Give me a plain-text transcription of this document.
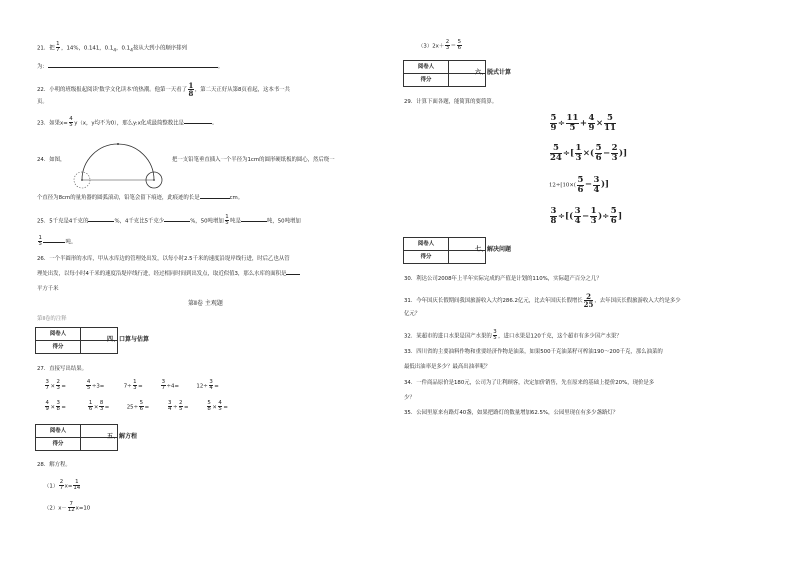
21．把 $\frac{1}{7}$ ，14%，0.141，$0.1_4$，$0.1_4$按从大到小的顺序排列
为：	。
22．小明的班级报起阅读'数学文化读本'的热潮。他第一天看了 $\frac{1}{8}$ ，第二天正好从第8页看起，这本书一共
页。
23．如果$x= \frac{4}{5} y(x$，y均不为0），那么y:x化成最简整数比是	。
24．如图，	把一支铅笔垂直插入一个半径为1cm的圆形硬纸板的圆心，然后绕一
个直径为8cm的量角器的圆弧滚动，铅笔会留下痕迹，此痕迹的长是	cm。
25．5千克是4千克的	%，4千克比5千克少	%，50吨增加 $\frac{1}{5}$ 吨是	吨，50吨增加
$\frac{1}{5}$	吨。
26．一个半圆形的水库，甲从水库边的管理处出发，以每小时2.5千米的速度沿堤岸线行进，时后乙也从管
理处出发，以每小时4千米的速度沿堤岸线行进，经过相同时间到出发点，取近似值3，那么水库的面积是
平方千米
第Ⅱ卷 主观题
第Ⅱ卷的注释
阅卷人	
得分	
四、口算与估算
27．直接写出结果。
$\frac{3}{7} \times \frac{2}{3}$ =	$\frac{4}{5} \div 3=$	$7\div \frac{1}{3}$ =	$\frac{3}{7} \div 4=$	$12\div \frac{3}{4}$ =
$\frac{4}{9} \times \frac{3}{8}$ =	$\frac{1}{6} \times \frac{8}{3}$ =	$25\div \frac{5}{6}$ =	$\frac{3}{4} \div \frac{2}{5}$ =	$\frac{5}{8} \times \frac{4}{5}$ =
阅卷人	
得分	
五、解方程
28．解方程。
$(1) \frac{2}{7} x= \frac{1}{14}$
$(2)x- \frac{7}{12} x=10$
$(3)2x+ \frac{2}{3} = \frac{5}{6}$
阅卷人	
得分	
六、脱式计算
29．计算下面各题，能简算的要简算。
$\frac{5}{9} \div \frac{11}{5} + \frac{4}{9} \times \frac{5}{11}$
$\frac{5}{24}$ ÷[ $\frac{1}{3}$ ×( $\frac{5}{6} - \frac{2}{3}$ )]
$12\div[10\times( \frac{5}{6} - \frac{3}{4}$ )]
$\frac{3}{8}$ ÷[( $\frac{3}{4} - \frac{1}{3}$ )÷ $\frac{5}{6}$ ]
阅卷人	
得分	
七、解决问题
30．利达公司2008年上半年实际完成的产值是计划的110%，实际超产百分之几？
31．今年国庆长假期间我国旅游收入大约286.2亿元，比去年国庆长假增长 $\frac{2}{25}$ ，去年国庆长假旅游收入大约是多少
亿元？
32．某超市的进口水果是国产水果的 $\frac{3}{5}$ ，进口水果是120千克，这个超市有多少国产水果？
33．四川省的主要油料作物和重要经济作物是油菜，如果500千克油菜籽可榨油190～200千克，那么油菜的
最低出油率是多少？最高出油率呢？
34．一件商品原价是180元，公司为了让利顾客，决定加价销售，先在原来的基础上提价20%，现价是多
少？
35．公园里原来有路灯40盏，如果把路灯的数量增加62.5%，公园里现在有多少盏路灯？
